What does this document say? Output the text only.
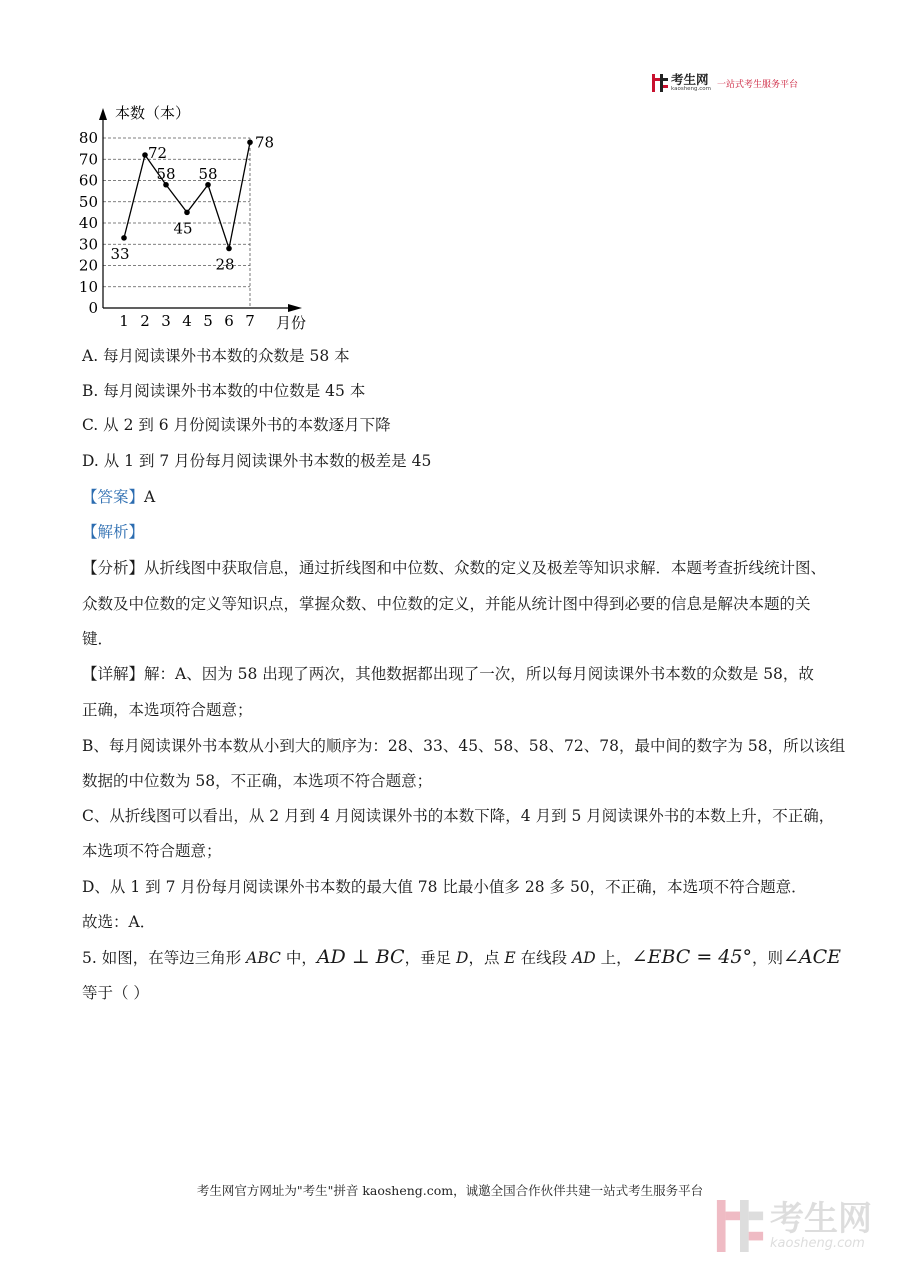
考生网
kaosheng.com 一站式考生服务平台
本数（本）
月份
0
10
20
30
40
50
60
70
80
1 2 3 4 5 6 7
33
72
58
45
58
28
78
A. 每月阅读课外书本数的众数是 58 本
B. 每月阅读课外书本数的中位数是 45 本
C. 从 2 到 6 月份阅读课外书的本数逐月下降
D. 从 1 到 7 月份每月阅读课外书本数的极差是 45
【答案】A
【解析】
【分析】从折线图中获取信息，通过折线图和中位数、众数的定义及极差等知识求解．本题考查折线统计图、
众数及中位数的定义等知识点，掌握众数、中位数的定义，并能从统计图中得到必要的信息是解决本题的关
键．
【详解】解：A、因为 58 出现了两次，其他数据都出现了一次，所以每月阅读课外书本数的众数是 58，故
正确，本选项符合题意；
B、每月阅读课外书本数从小到大的顺序为：28、33、45、58、58、72、78，最中间的数字为 58，所以该组
数据的中位数为 58，不正确，本选项不符合题意；
C、从折线图可以看出，从 2 月到 4 月阅读课外书的本数下降，4 月到 5 月阅读课外书的本数上升，不正确，
本选项不符合题意；
D、从 1 到 7 月份每月阅读课外书本数的最大值 78 比最小值多 28 多 50，不正确，本选项不符合题意．
故选：A．
5. 如图，在等边三角形 ABC 中，AD ⊥ BC，垂足 D，点 E 在线段 AD 上，∠EBC = 45°，则∠ACE
等于（ ）
考生网官方网址为"考生"拼音 kaosheng.com，诚邀全国合作伙伴共建一站式考生服务平台
考生网
kaosheng.com
